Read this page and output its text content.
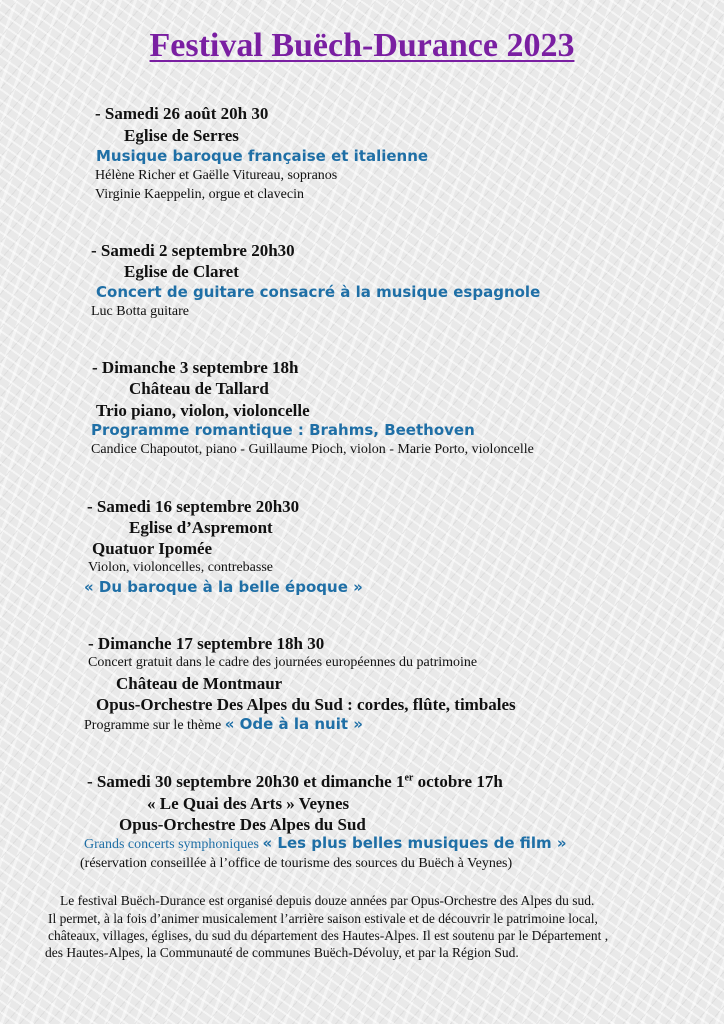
Festival Buëch-Durance 2023
- Samedi 26 août 20h 30
Eglise de Serres
Musique baroque française et italienne
Hélène Richer et Gaëlle Vitureau, sopranos
Virginie Kaeppelin, orgue et clavecin
- Samedi 2 septembre 20h30
Eglise de Claret
Concert de guitare consacré à la musique espagnole
Luc Botta guitare
- Dimanche 3 septembre 18h
Château de Tallard
Trio piano, violon, violoncelle
Programme romantique : Brahms, Beethoven
Candice Chapoutot, piano - Guillaume Pioch, violon - Marie Porto, violoncelle
- Samedi 16 septembre 20h30
Eglise d’Aspremont
Quatuor Ipomée
Violon, violoncelles, contrebasse
« Du baroque à la belle époque »
- Dimanche 17 septembre 18h 30
Concert gratuit dans le cadre des journées européennes du patrimoine
Château de Montmaur
Opus-Orchestre Des Alpes du Sud : cordes, flûte, timbales
Programme sur le thème « Ode à la nuit »
- Samedi 30 septembre 20h30 et dimanche 1er octobre 17h
« Le Quai des Arts » Veynes
Opus-Orchestre Des Alpes du Sud
Grands concerts symphoniques « Les plus belles musiques de film »
(réservation conseillée à l’office de tourisme des sources du Buëch à Veynes)
Le festival Buëch-Durance est organisé depuis douze années par Opus-Orchestre des Alpes du sud.
Il permet, à la fois d’animer musicalement l’arrière saison estivale et de découvrir le patrimoine local,
châteaux, villages, églises, du sud du département des Hautes-Alpes. Il est soutenu par le Département ,
des Hautes-Alpes, la Communauté de communes Buëch-Dévoluy, et par la Région Sud.
